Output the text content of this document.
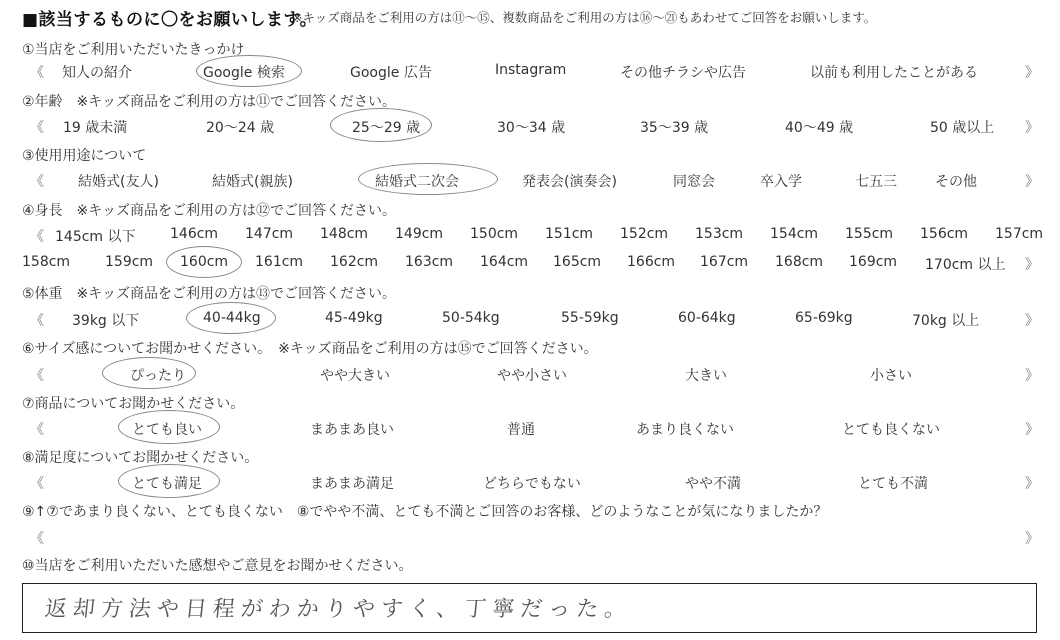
■該当するものに〇をお願いします。
※キッズ商品をご利用の方は⑪〜⑮、複数商品をご利用の方は⑯〜㉑もあわせてご回答をお願いします。
①当店をご利用いただいたきっかけ
《 知人の紹介	Google 検索	Google 広告	Instagram	その他チラシや広告	以前も利用したことがある	》
②年齢　※キッズ商品をご利用の方は⑪でご回答ください。
《 19 歳未満	20〜24 歳	25〜29 歳	30〜34 歳	35〜39 歳	40〜49 歳	50 歳以上 》
③使用用途について
《 結婚式(友人)	結婚式(親族)	結婚式二次会	発表会(演奏会)	同窓会	卒入学	七五三	その他	》
④身長　※キッズ商品をご利用の方は⑫でご回答ください。
《 145cm 以下 146cm 147cm 148cm 149cm 150cm 151cm 152cm 153cm 154cm 155cm 156cm 157cm
158cm 159cm 160cm 161cm 162cm 163cm 164cm 165cm 166cm 167cm 168cm 169cm 170cm 以上 》
⑤体重　※キッズ商品をご利用の方は⑬でご回答ください。
《 39kg 以下	40-44kg	45-49kg	50-54kg	55-59kg	60-64kg	65-69kg	70kg 以上	》
⑥サイズ感についてお聞かせください。　※キッズ商品をご利用の方は⑮でご回答ください。
《	ぴったり	やや大きい	やや小さい	大きい	小さい	》
⑦商品についてお聞かせください。
《	とても良い	まあまあ良い	普通	あまり良くない	とても良くない	》
⑧満足度についてお聞かせください。
《	とても満足	まあまあ満足	どちらでもない	やや不満	とても不満	》
⑨↑⑦であまり良くない、とても良くない　⑧でやや不満、とても不満とご回答のお客様、どのようなことが気になりましたか？
《	》
⑩当店をご利用いただいた感想やご意見をお聞かせください。
返却方法や日程がわかりやすく、丁寧だった。
